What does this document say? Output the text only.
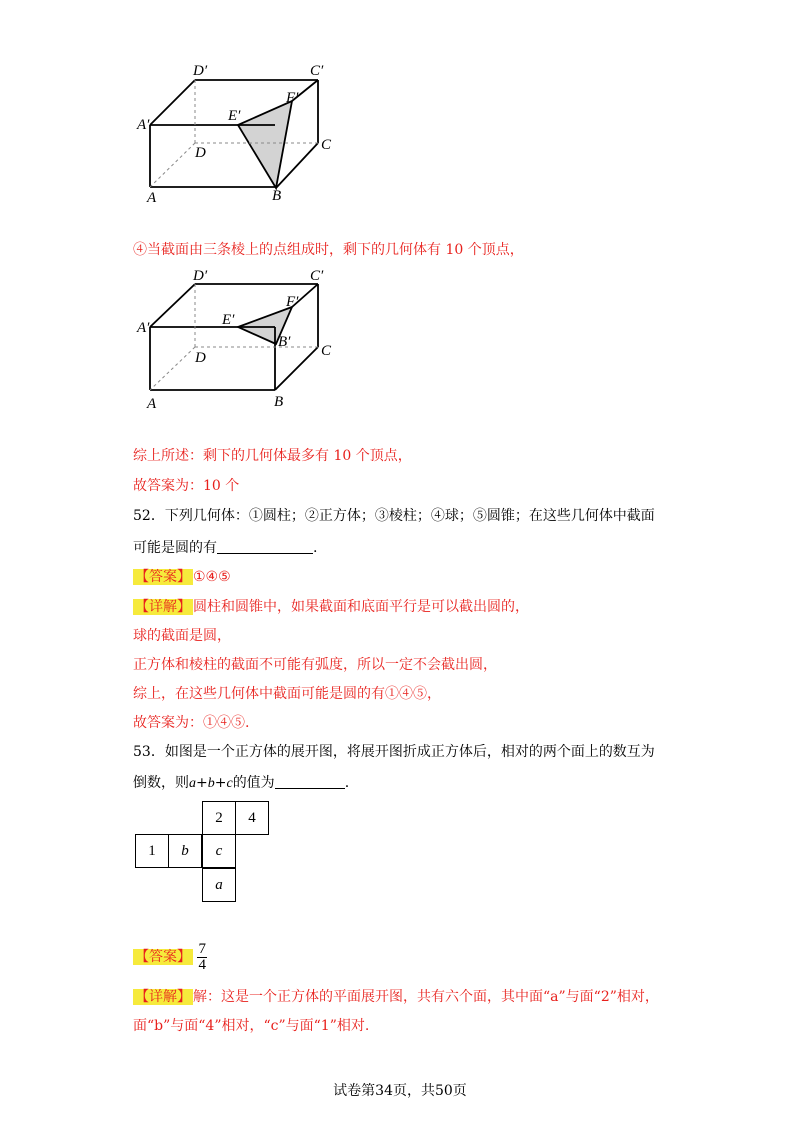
D′	C′
A′
E′
F′
D	C
A	B
④当截面由三条棱上的点组成时，剩下的几何体有 10 个顶点，
D′	C′
A′	E′
F′
B′
D	C
A	B
综上所述：剩下的几何体最多有 10 个顶点，
故答案为：10 个
52．下列几何体：①圆柱；②正方体；③棱柱；④球；⑤圆锥；在这些几何体中截面
可能是圆的有	.
【答案】 ①④⑤
【详解】 圆柱和圆锥中，如果截面和底面平行是可以截出圆的，
球的截面是圆，
正方体和棱柱的截面不可能有弧度，所以一定不会截出圆，
综上，在这些几何体中截面可能是圆的有①④⑤，
故答案为：①④⑤.
53．如图是一个正方体的展开图，将展开图折成正方体后，相对的两个面上的数互为
倒数，则a+b+c的值为	.
2 4
1 b c
a
【答案】 $\frac{7}{4}$
【详解】 解：这是一个正方体的平面展开图，共有六个面，其中面“a”与面“2”相对，
面“b”与面“4”相对，“c”与面“1”相对.
试卷第34页，共50页
